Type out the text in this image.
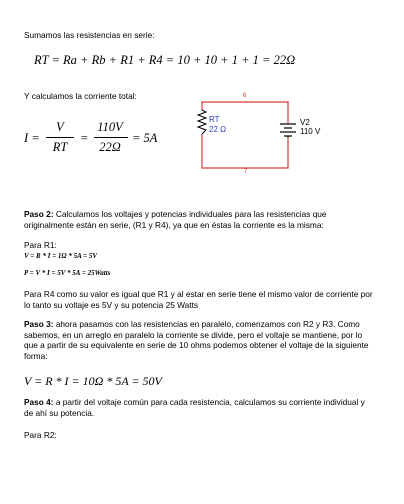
Sumamos las resistencias en serie:
RT = Ra + Rb + R1 + R4 = 10 + 10 + 1 + 1 = 22Ω
Y calculamos la corriente total:
I =
V
RT
=
110V
22Ω
= 5A
6
7
RT
22 Ω
V2
110 V
Paso 2: Calculamos los voltajes y potencias individuales para las resistencias que originalmente están en serie, (R1 y R4), ya que en éstas la corriente es la misma:
Para R1:
V = R * I = 1Ω * 5A = 5V
P = V * I = 5V * 5A = 25Watts
Para R4 como su valor es igual que R1 y al estar en serie tiene el mismo valor de corriente por lo tanto su voltaje es 5V y su potencia 25 Watts
Paso 3: ahora pasamos con las resistencias en paralelo, comenzamos con R2 y R3. Como sabemos, en un arreglo en paralelo la corriente se divide, pero el voltaje se mantiene, por lo que a partir de su equivalente en serie de 10 ohms podemos obtener el voltaje de la siguiente forma:
V = R * I = 10Ω * 5A = 50V
Paso 4: a partir del voltaje común para cada resistencia, calculamos su corriente individual y de ahí su potencia.
Para R2:
